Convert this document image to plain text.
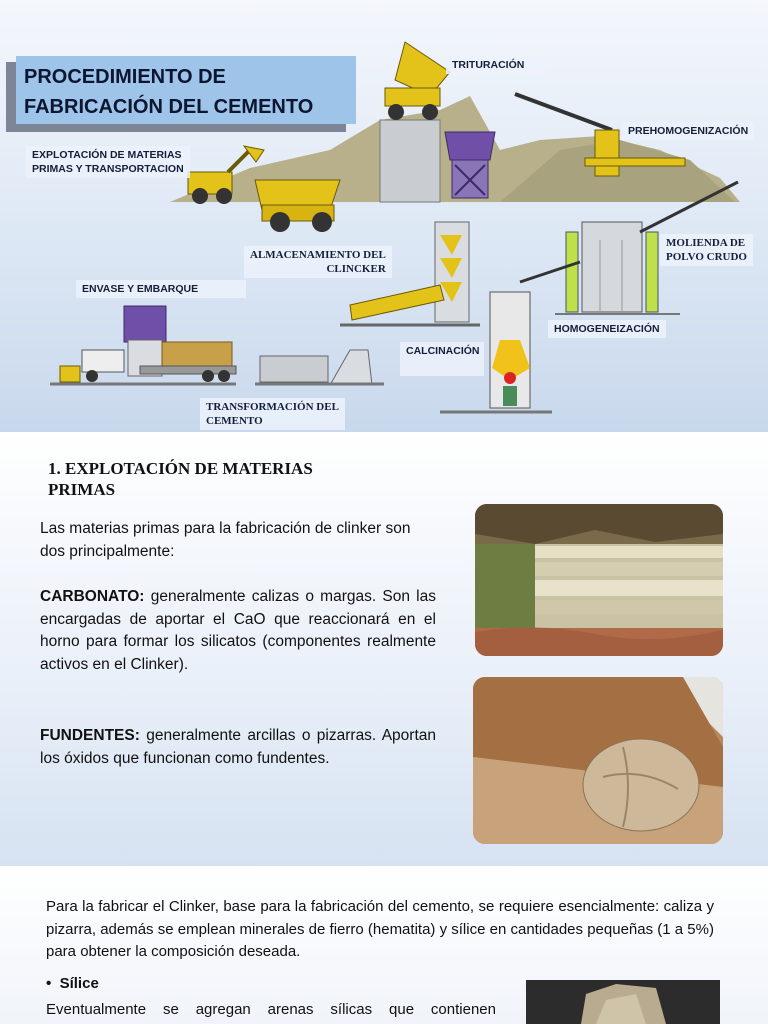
PROCEDIMIENTO DE
FABRICACIÓN DEL CEMENTO
TRITURACIÓN
PREHOMOGENIZACIÓN
EXPLOTACIÓN DE MATERIAS
PRIMAS Y TRANSPORTACION
ALMACENAMIENTO DEL
CLINCKER
MOLIENDA DE
POLVO CRUDO
ENVASE Y EMBARQUE
HOMOGENEIZACIÓN
CALCINACIÓN
TRANSFORMACIÓN DEL
CEMENTO
1. EXPLOTACIÓN DE MATERIAS
PRIMAS
Las materias primas para la fabricación de clinker son dos principalmente:
CARBONATO: generalmente calizas o margas. Son las encargadas de aportar el CaO que reaccionará en el horno para formar los silicatos (componentes realmente activos en el Clinker).
FUNDENTES: generalmente arcillas o pizarras. Aportan los óxidos que funcionan como fundentes.
Para la fabricar el Clinker, base para la fabricación del cemento, se requiere esencialmente: caliza y pizarra, además se emplean minerales de fierro (hematita) y sílice en cantidades pequeñas (1 a 5%) para obtener la composición deseada.
•  Sílice
Eventualmente se agregan arenas sílicas que contienen
